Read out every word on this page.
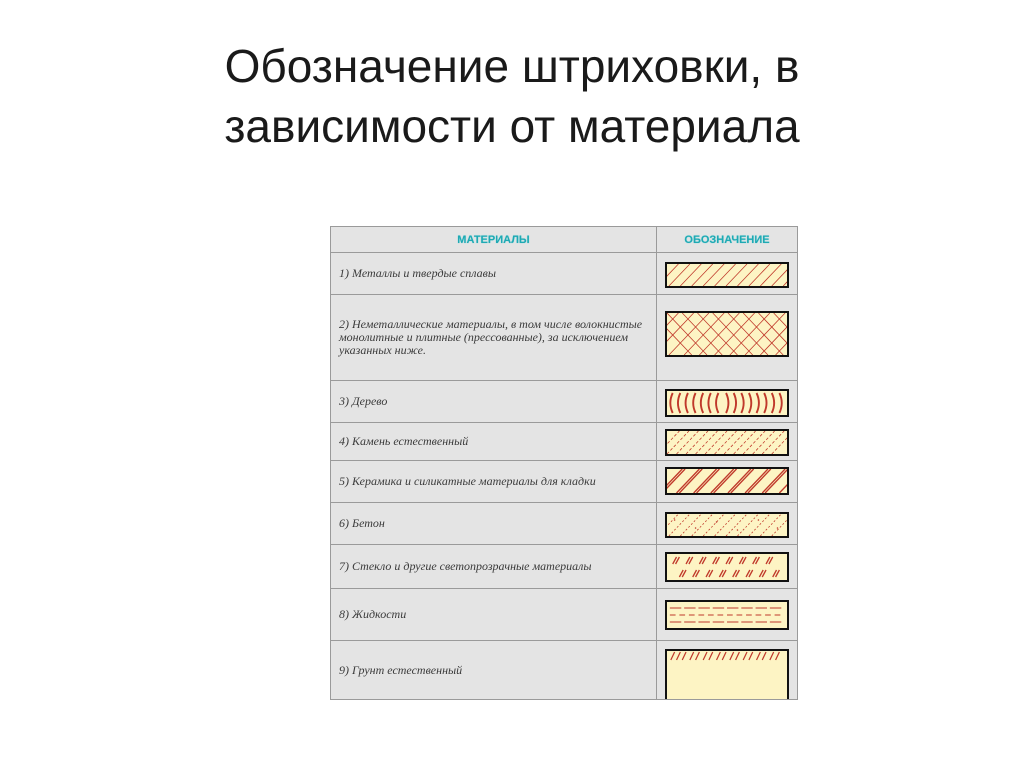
Обозначение штриховки, в
зависимости от материала
МАТЕРИАЛЫ	ОБОЗНАЧЕНИЕ
1) Металлы и твердые сплавы
2) Неметаллические материалы, в том числе волокнистые монолитные и плитные (прессованные), за исключением указанных ниже.
3) Дерево
4) Камень естественный
5) Керамика и силикатные материалы для кладки
6) Бетон
7) Стекло и другие светопрозрачные материалы
8) Жидкости
9) Грунт естественный
